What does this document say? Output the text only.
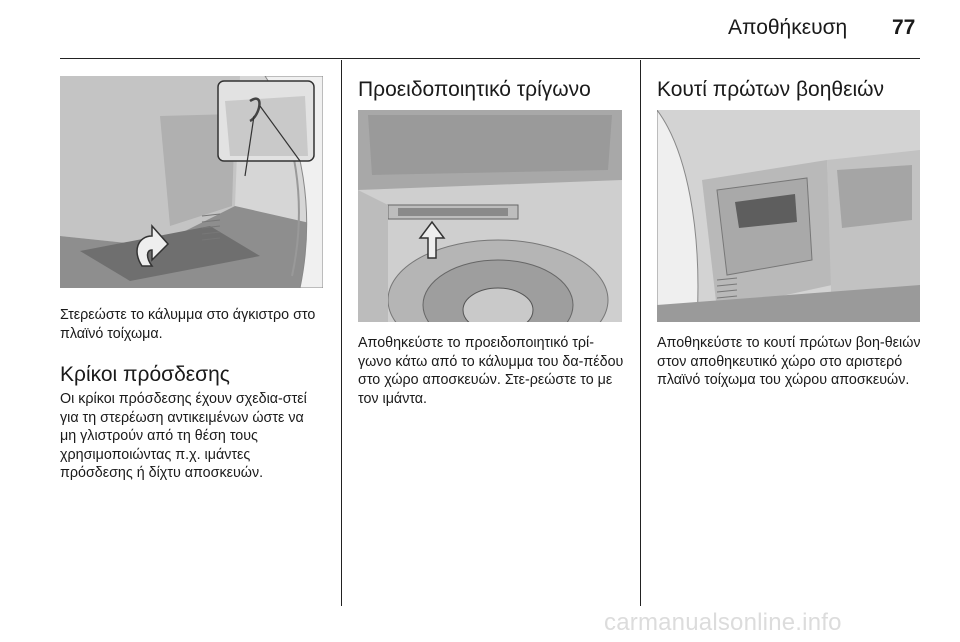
Αποθήκευση 77
Στερεώστε το κάλυμμα στο άγκιστρο στο πλαϊνό τοίχωμα.
Κρίκοι πρόσδεσης
Οι κρίκοι πρόσδεσης έχουν σχεδια-στεί για τη στερέωση αντικειμένων ώστε να μη γλιστρούν από τη θέση τους χρησιμοποιώντας π.χ. ιμάντες πρόσδεσης ή δίχτυ αποσκευών.
Προειδοποιητικό τρίγωνο
Αποθηκεύστε το προειδοποιητικό τρί-γωνο κάτω από το κάλυμμα του δα-πέδου στο χώρο αποσκευών. Στε-ρεώστε το με τον ιμάντα.
Κουτί πρώτων βοηθειών
Αποθηκεύστε το κουτί πρώτων βοη-θειών στον αποθηκευτικό χώρο στο αριστερό πλαϊνό τοίχωμα του χώρου αποσκευών.
carmanualsonline.info
